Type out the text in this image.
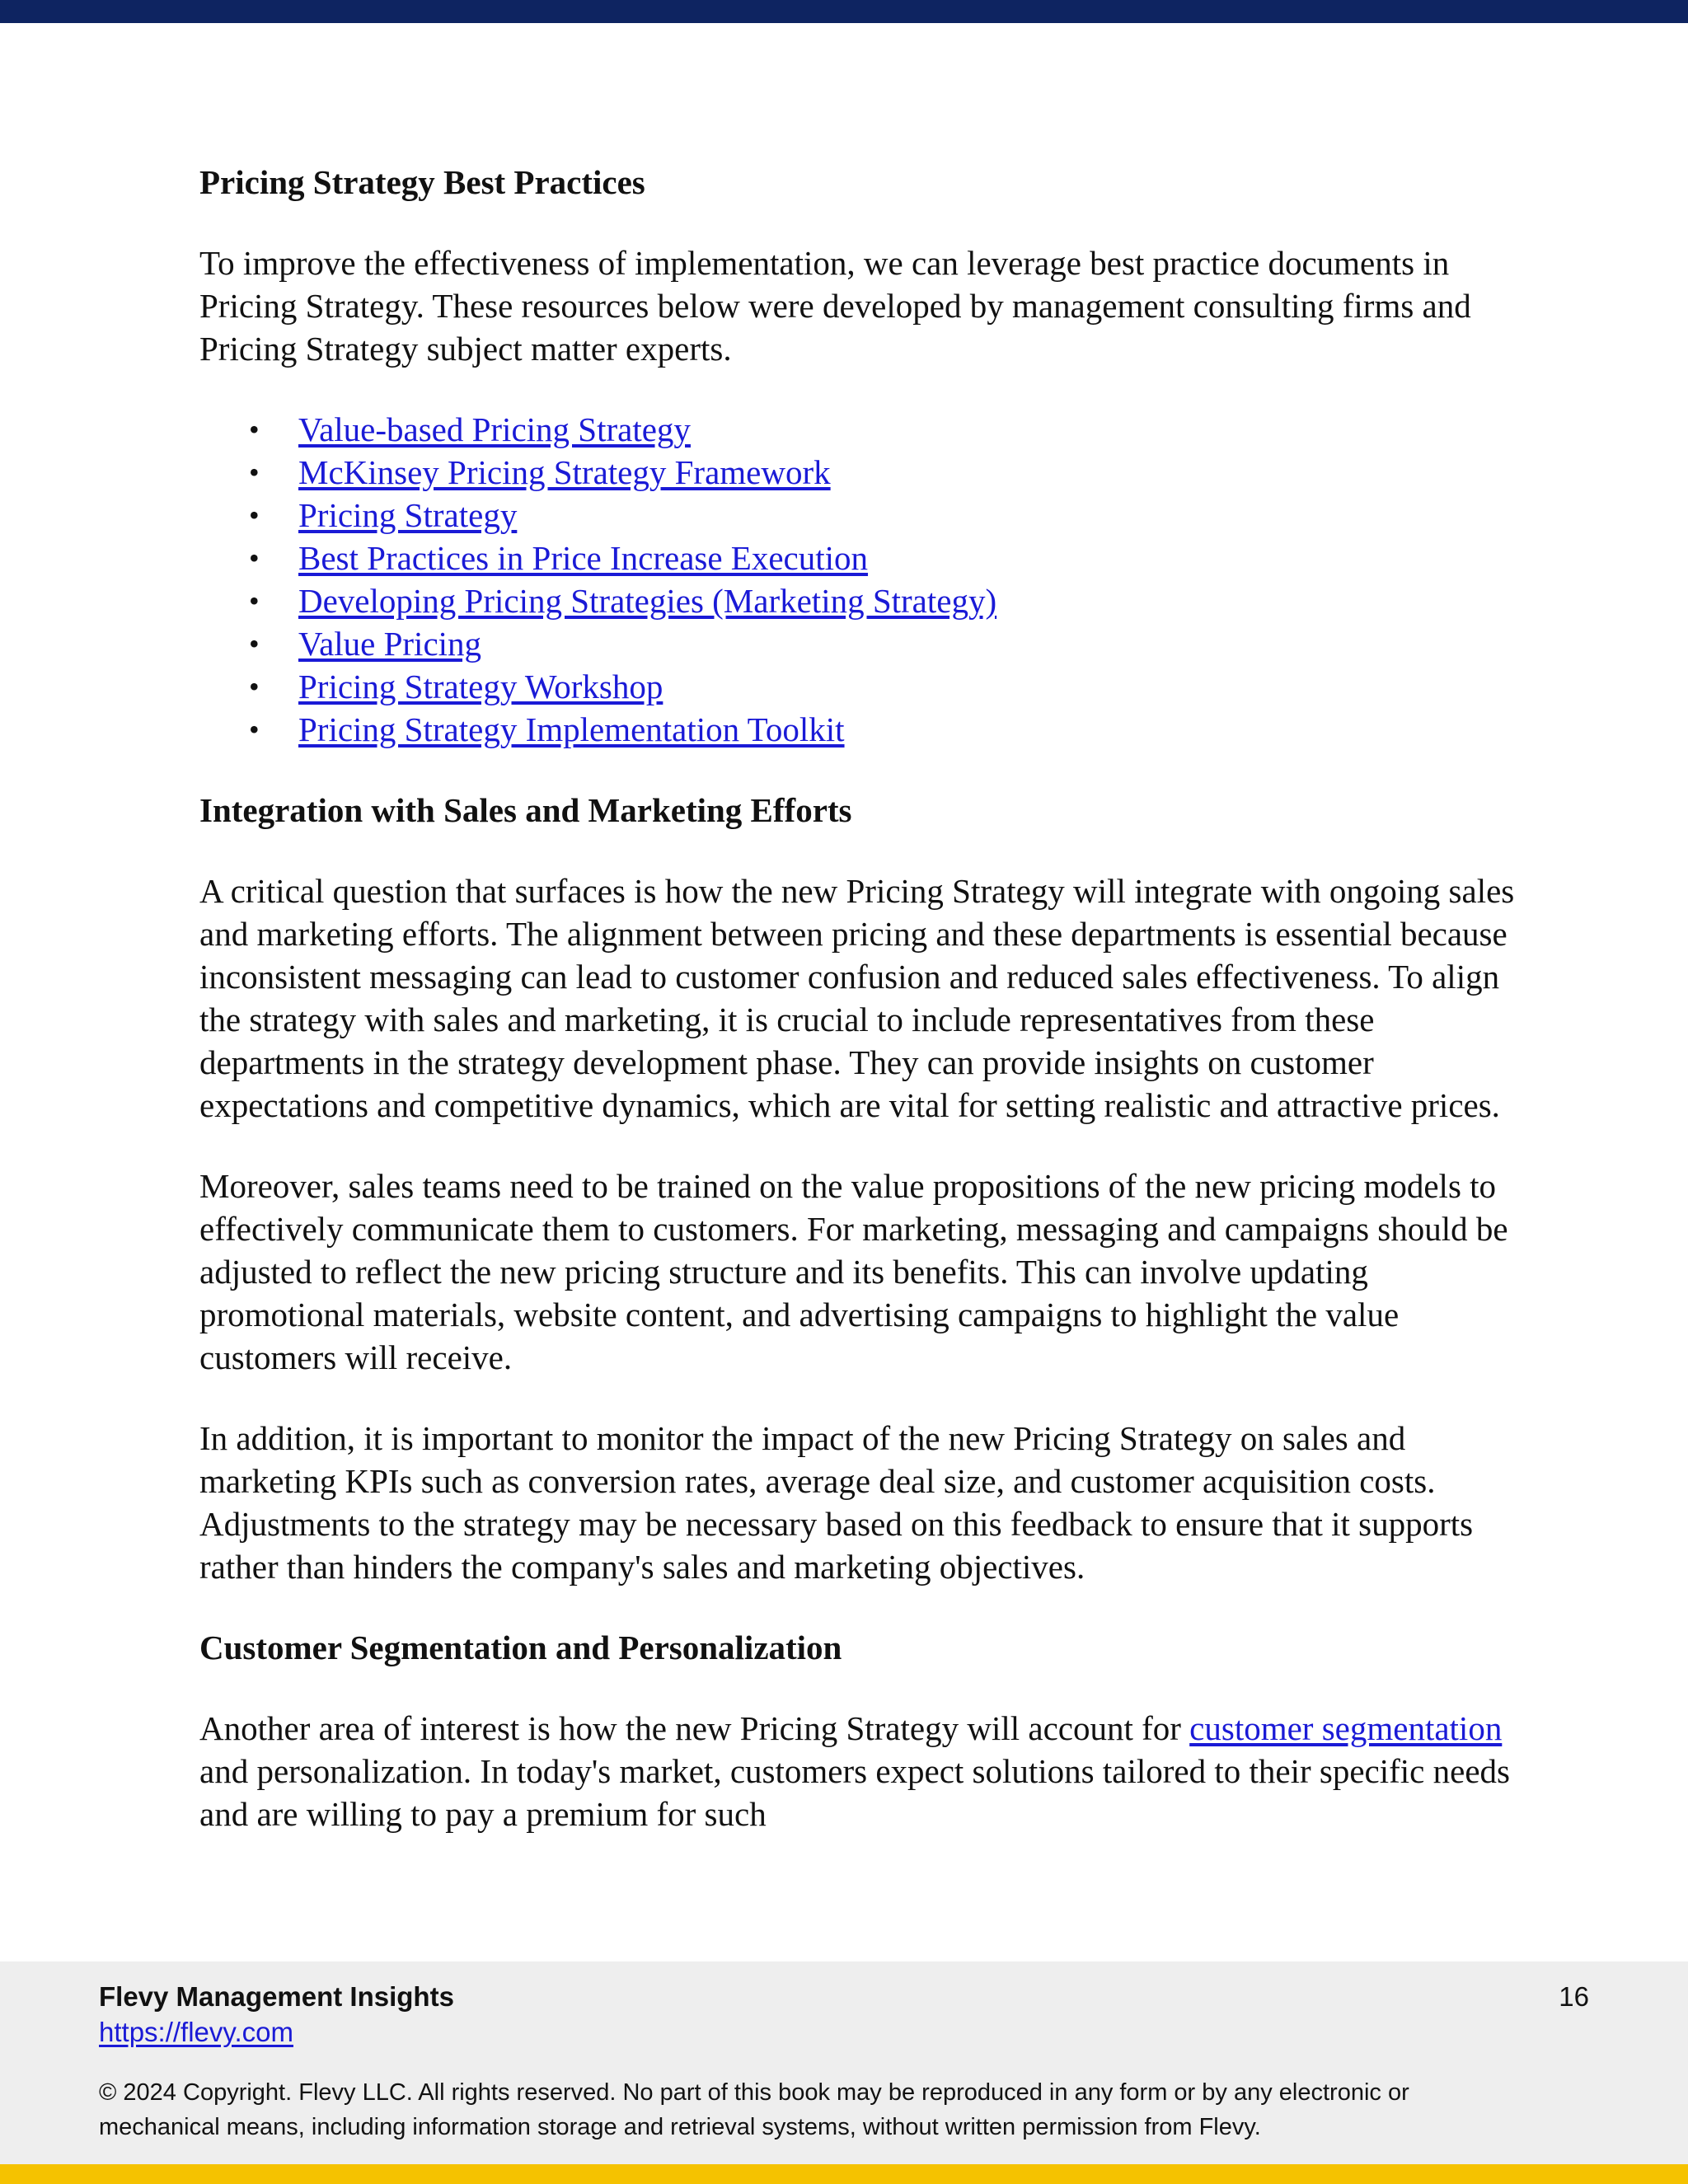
Pricing Strategy Best Practices

To improve the effectiveness of implementation, we can leverage best practice documents in Pricing Strategy. These resources below were developed by management consulting firms and Pricing Strategy subject matter experts.

• Value-based Pricing Strategy
• McKinsey Pricing Strategy Framework
• Pricing Strategy
• Best Practices in Price Increase Execution
• Developing Pricing Strategies (Marketing Strategy)
• Value Pricing
• Pricing Strategy Workshop
• Pricing Strategy Implementation Toolkit
Integration with Sales and Marketing Efforts

A critical question that surfaces is how the new Pricing Strategy will integrate with ongoing sales and marketing efforts. The alignment between pricing and these departments is essential because inconsistent messaging can lead to customer confusion and reduced sales effectiveness. To align the strategy with sales and marketing, it is crucial to include representatives from these departments in the strategy development phase. They can provide insights on customer expectations and competitive dynamics, which are vital for setting realistic and attractive prices.

Moreover, sales teams need to be trained on the value propositions of the new pricing models to effectively communicate them to customers. For marketing, messaging and campaigns should be adjusted to reflect the new pricing structure and its benefits. This can involve updating promotional materials, website content, and advertising campaigns to highlight the value customers will receive.

In addition, it is important to monitor the impact of the new Pricing Strategy on sales and marketing KPIs such as conversion rates, average deal size, and customer acquisition costs. Adjustments to the strategy may be necessary based on this feedback to ensure that it supports rather than hinders the company's sales and marketing objectives.

Customer Segmentation and Personalization

Another area of interest is how the new Pricing Strategy will account for customer segmentation and personalization. In today's market, customers expect solutions tailored to their specific needs and are willing to pay a premium for such

Flevy Management Insights
https://flevy.com
16
© 2024 Copyright. Flevy LLC. All rights reserved. No part of this book may be reproduced in any form or by any electronic or mechanical means, including information storage and retrieval systems, without written permission from Flevy.
